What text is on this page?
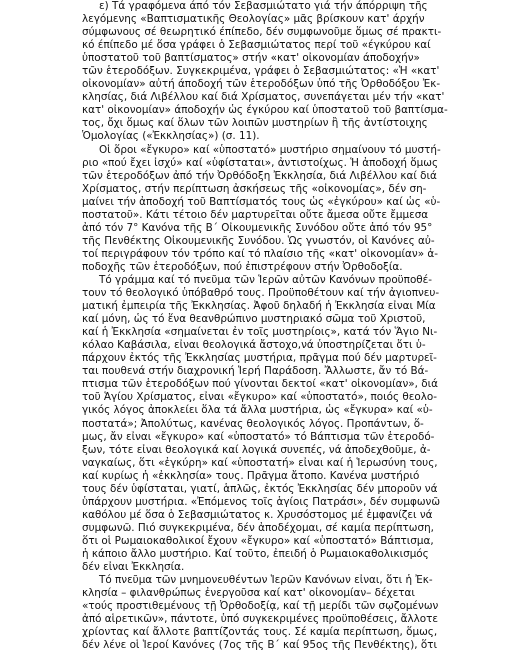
ε) Τά γραφόμενα άπό τόν Σεβασμιώτατο γιά τήν άπόρριψη τῆς
λεγόμενης «Βαπτισματικῆς Θεολογίας» μᾶς βρίσκουν κατ' άρχήν
σύμφωνους σέ θεωρητικό έπίπεδο, δέν συμφωνοῦμε ὅμως σέ πρακτι-
κό έπίπεδο μέ ὅσα γράφει ὁ Σεβασμιώτατος περί τοῦ «έγκύρου καί
ὑποστατοῦ τοῦ βαπτίσματος» στήν «κατ' οἰκονομίαν άποδοχήν»
τῶν ἑτεροδόξων. Συγκεκριμένα, γράφει ὁ Σεβασμιώτατος: «Ἡ «κατ'
οἰκονομίαν» αὐτή άποδοχή τῶν ἑτεροδόξων ὑπό τῆς Ὀρθοδόξου Ἐκ-
κλησίας, διά Λιβέλλου καί διά Χρίσματος, συνεπάγεται μέν τήν «κατ'
κατ' οἰκονομίαν» άποδοχήν ὡς έγκύρου καί ὑποστατοῦ τοῦ βαπτίσμα-
τος, ὄχι ὅμως καί ὅλων τῶν λοιπῶν μυστηρίων ἢ τῆς ἀντίστοιχης
Ὁμολογίας («Ἐκκλησίας») (σ. 11).
Οἱ ὅροι «ἔγκυρο» καί «ὑποστατό» μυστήριο σημαίνουν τό μυστή-
ριο «πού ἔχει ἰσχύ» καί «ὑφίσταται», ἀντιστοίχως. Ἡ ἀποδοχή ὅμως
τῶν ἑτεροδόξων ἀπό τήν Ὀρθόδοξη Ἐκκλησία, διά Λιβέλλου καί διά
Χρίσματος, στήν περίπτωση ἀσκήσεως τῆς «οἰκονομίας», δέν ση-
μαίνει τήν ἀποδοχή τοῦ Βαπτίσματός τους ὡς «ἐγκύρου» καί ὡς «ὑ-
ποστατοῦ». Κάτι τέτοιο δέν μαρτυρεῖται οὔτε ἄμεσα οὔτε ἔμμεσα
ἀπό τόν 7° Κανόνα τῆς Β΄ Οἰκουμενικῆς Συνόδου οὔτε ἀπό τόν 95°
τῆς Πενθέκτης Οἰκουμενικῆς Συνόδου. Ὡς γνωστόν, οἱ Κανόνες αὐ-
τοί περιγράφουν τόν τρόπο καί τό πλαίσιο τῆς «κατ' οἰκονομίαν» ἀ-
ποδοχῆς τῶν ἑτεροδόξων, πού ἐπιστρέφουν στήν Ὀρθοδοξία.
Τό γράμμα καί τό πνεῦμα τῶν Ἱερῶν αὐτῶν Κανόνων προϋποθέ-
τουν τό θεολογικό ὑπόβαθρό τους. Προϋποθέτουν καί τήν ἀγιοπνευ-
ματική ἐμπειρία τῆς Ἐκκλησίας. Ἀφοῦ δηλαδή ἡ Ἐκκλησία εἶναι Μία
καί μόνη, ὡς τό ἕνα θεανθρώπινο μυστηριακό σῶμα τοῦ Χριστοῦ,
καί ἡ Ἐκκλησία «σημαίνεται ἐν τοῖς μυστηρίοις», κατά τόν Ἅγιο Νι-
κόλαο Καβάσιλα, εἶναι θεολογικά ἄστοχο,νά ὑποστηρίζεται ὅτι ὑ-
πάρχουν ἐκτός τῆς Ἐκκλησίας μυστήρια, πρᾶγμα πού δέν μαρτυρεῖ-
ται πουθενά στήν διαχρονική Ἱερή Παράδοση. Ἄλλωστε, ἄν τό Βά-
πτισμα τῶν ἑτεροδόξων πού γίνονται δεκτοί «κατ' οἰκονομίαν», διά
τοῦ Ἁγίου Χρίσματος, εἶναι «ἔγκυρο» καί «ὑποστατό», ποιός θεολο-
γικός λόγος ἀποκλείει ὅλα τά ἄλλα μυστήρια, ὡς «ἔγκυρα» καί «ὑ-
ποστατά»; Ἀπολύτως, κανένας θεολογικός λόγος. Προπάντων, ὅ-
μως, ἄν εἶναι «ἔγκυρο» καί «ὑποστατό» τό Βάπτισμα τῶν ἑτεροδό-
ξων, τότε εἶναι θεολογικά καί λογικά συνεπές, νά ἀποδεχθοῦμε, ἀ-
ναγκαίως, ὅτι «ἐγκύρη» καί «ὑποστατή» εἶναι καί ἡ Ἱερωσύνη τους,
καί κυρίως ἡ «ἐκκλησία» τους. Πρᾶγμα ἄτοπο. Κανένα μυστήριό
τους δέν ὑφίσταται, γιατί, ἁπλῶς, ἐκτός Ἐκκλησίας δέν μποροῦν νά
ὑπάρχουν μυστήρια. «Ἐπόμενος τοῖς ἁγίοις Πατράσι», δέν συμφωνῶ
καθόλου μέ ὅσα ὁ Σεβασμιώτατος κ. Χρυσόστομος μέ ἐμφανίζει νά
συμφωνῶ. Πιό συγκεκριμένα, δέν ἀποδέχομαι, σέ καμία περίπτωση,
ὅτι οἱ Ρωμαιοκαθολικοί ἔχουν «ἔγκυρο» καί «ὑποστατό» Βάπτισμα,
ἡ κάποιο ἄλλο μυστήριο. Καί τοῦτο, ἐπειδή ὁ Ρωμαιοκαθολικισμός
δέν εἶναι Ἐκκλησία.
Τό πνεῦμα τῶν μνημονευθέντων Ἱερῶν Κανόνων εἶναι, ὅτι ἡ Ἐκ-
κλησία – φιλανθρώπως ἐνεργοῦσα καί κατ' οἰκονομίαν– δέχεται
«τούς προστιθεμένους τῇ Ὀρθοδοξίᾳ, καί τῇ μερίδι τῶν σῳζομένων
ἀπό αἱρετικῶν», πάντοτε, ὑπό συγκεκριμένες προϋποθέσεις, ἄλλοτε
χρίοντας καί ἄλλοτε βαπτίζοντάς τους. Σέ καμία περίπτωση, ὅμως,
δέν λένε οἱ Ἱεροί Κανόνες (7ος τῆς Β΄ καί 95ος τῆς Πενθέκτης), ὅτι
